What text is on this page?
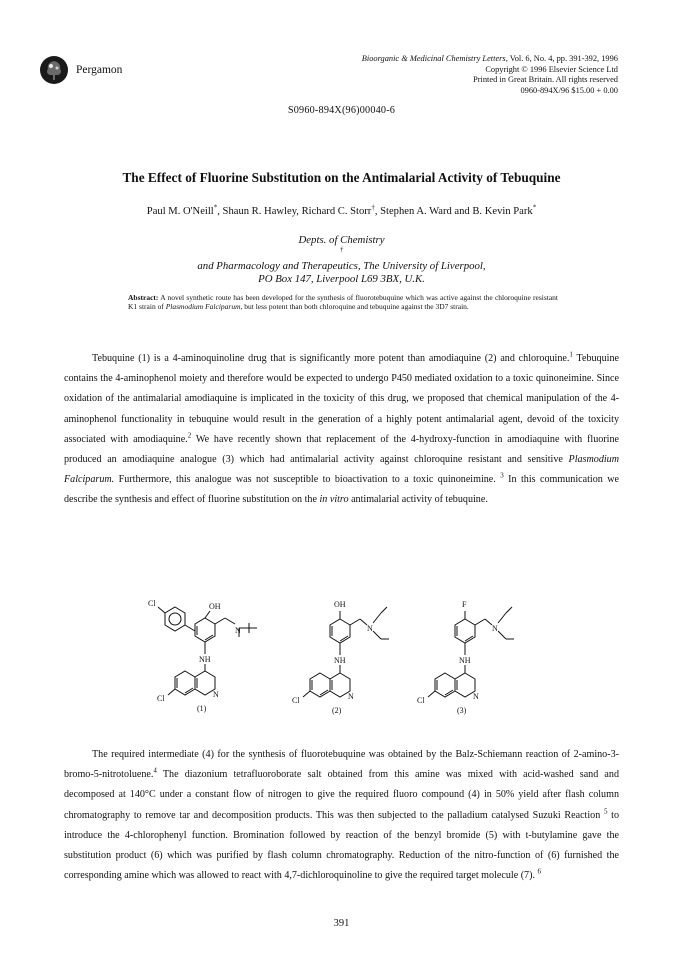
Pergamon
Bioorganic & Medicinal Chemistry Letters, Vol. 6, No. 4, pp. 391-392, 1996
Copyright © 1996 Elsevier Science Ltd
Printed in Great Britain. All rights reserved
0960-894X/96 $15.00 + 0.00
S0960-894X(96)00040-6
The Effect of Fluorine Substitution on the Antimalarial Activity of Tebuquine
Paul M. O'Neill*, Shaun R. Hawley, Richard C. Storr†, Stephen A. Ward and B. Kevin Park*
Depts. of Chemistry
†
and Pharmacology and Therapeutics, The University of Liverpool,
PO Box 147, Liverpool L69 3BX, U.K.
Abstract: A novel synthetic route has been developed for the synthesis of fluorotebuquine which was active against the chloroquine resistant K1 strain of Plasmodium Falciparum, but less potent than both chloroquine and tebuquine against the 3D7 strain.

Tebuquine (1) is a 4-aminoquinoline drug that is significantly more potent than amodiaquine (2) and chloroquine.$^1$ Tebuquine contains the 4-aminophenol moiety and therefore would be expected to undergo P450 mediated oxidation to a toxic quinoneimine. Since oxidation of the antimalarial amodiaquine is implicated in the toxicity of this drug, we proposed that chemical manipulation of the 4-aminophenol functionality in tebuquine would result in the generation of a highly potent antimalarial agent, devoid of the toxicity associated with amodiaquine.$^2$ We have recently shown that replacement of the 4-hydroxy-function in amodiaquine with fluorine produced an amodiaquine analogue (3) which had antimalarial activity against chloroquine resistant and sensitive Plasmodium Falciparum. Furthermore, this analogue was not susceptible to bioactivation to a toxic quinoneimine. $^3$ In this communication we describe the synthesis and effect of fluorine substitution on the in vitro antimalarial activity of tebuquine.

Cl	OH
N
NH
N
Cl
(1)
OH
N
NH
N
Cl
(2)
F
N
NH
N
Cl
(3)

The required intermediate (4) for the synthesis of fluorotebuquine was obtained by the Balz-Schiemann reaction of 2-amino-3-bromo-5-nitrotoluene.$^4$ The diazonium tetrafluoroborate salt obtained from this amine was mixed with acid-washed sand and decomposed at 140°C under a constant flow of nitrogen to give the required fluoro compound (4) in 50% yield after flash column chromatography to remove tar and decomposition products. This was then subjected to the palladium catalysed Suzuki Reaction $^5$ to introduce the 4-chlorophenyl function. Bromination followed by reaction of the benzyl bromide (5) with t-butylamine gave the substitution product (6) which was purified by flash column chromatography. Reduction of the nitro-function of (6) furnished the corresponding amine which was allowed to react with 4,7-dichloroquinoline to give the required target molecule (7). $^6$

391
